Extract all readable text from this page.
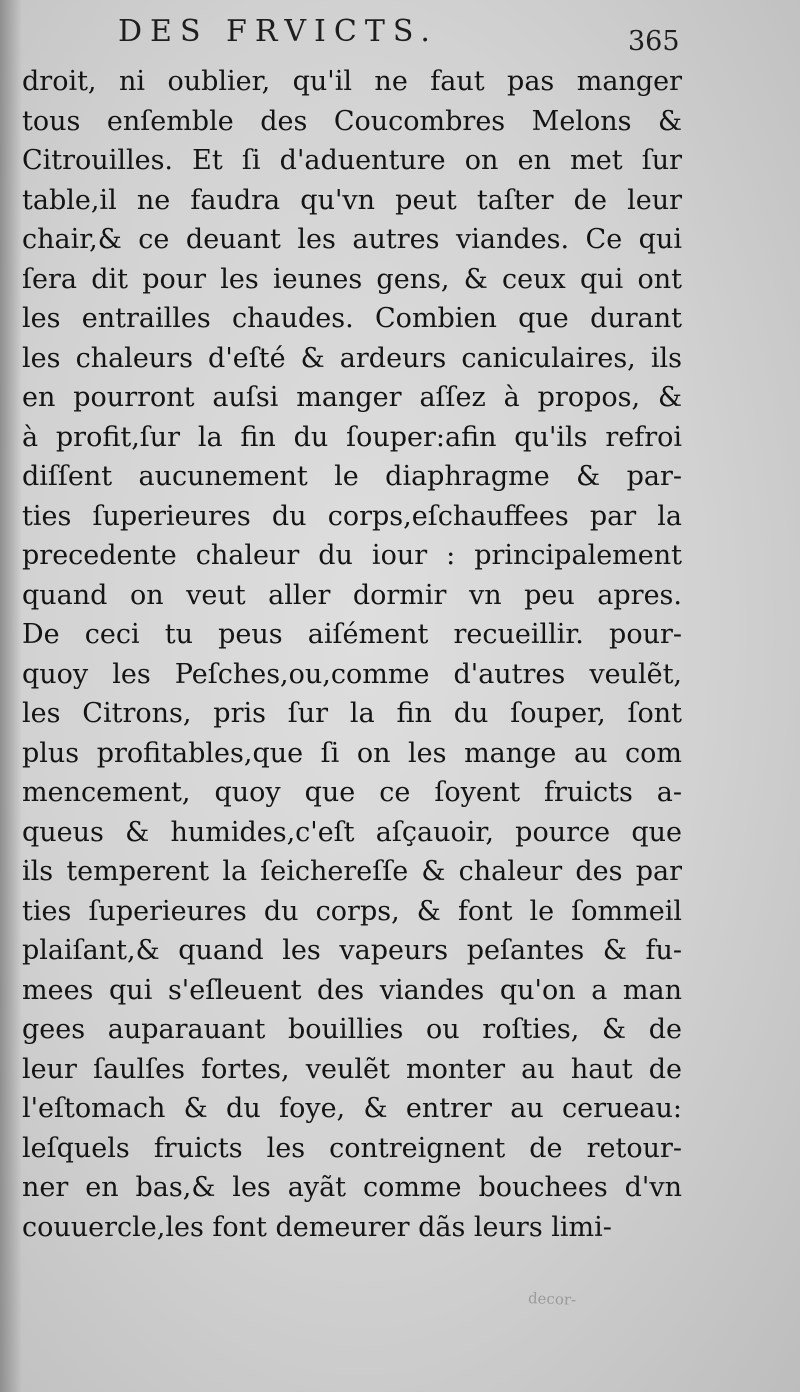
DES FRVICTS.	365
droit, ni oublier, qu'il ne faut pas manger
tous enſemble des Coucombres Melons &
Citrouilles. Et ſi d'aduenture on en met ſur
table,il ne faudra qu'vn peut taſter de leur
chair,& ce deuant les autres viandes. Ce qui
ſera dit pour les ieunes gens, & ceux qui ont
les entrailles chaudes. Combien que durant
les chaleurs d'eſté & ardeurs caniculaires, ils
en pourront auſsi manger aſſez à propos, &
à profit,ſur la fin du ſouper:afin qu'ils refroi
diſſent aucunement le diaphragme & par-
ties ſuperieures du corps,eſchauffees par la
precedente chaleur du iour : principalement
quand on veut aller dormir vn peu apres.
De ceci tu peus aiſément recueillir. pour-
quoy les Peſches,ou,comme d'autres veulẽt,
les Citrons, pris ſur la fin du ſouper, ſont
plus profitables,que ſi on les mange au com
mencement, quoy que ce ſoyent fruicts a-
queus & humides,c'eſt aſçauoir, pource que
ils temperent la ſeichereſſe & chaleur des par
ties ſuperieures du corps, & font le ſommeil
plaiſant,& quand les vapeurs peſantes & fu-
mees qui s'eſleuent des viandes qu'on a man
gees auparauant bouillies ou roſties, & de
leur ſaulſes fortes, veulẽt monter au haut de
l'eſtomach & du foye, & entrer au cerueau:
leſquels fruicts les contreignent de retour-
ner en bas,& les ayãt comme bouchees d'vn
couuercle,les font demeurer dãs leurs limi-
decor-
